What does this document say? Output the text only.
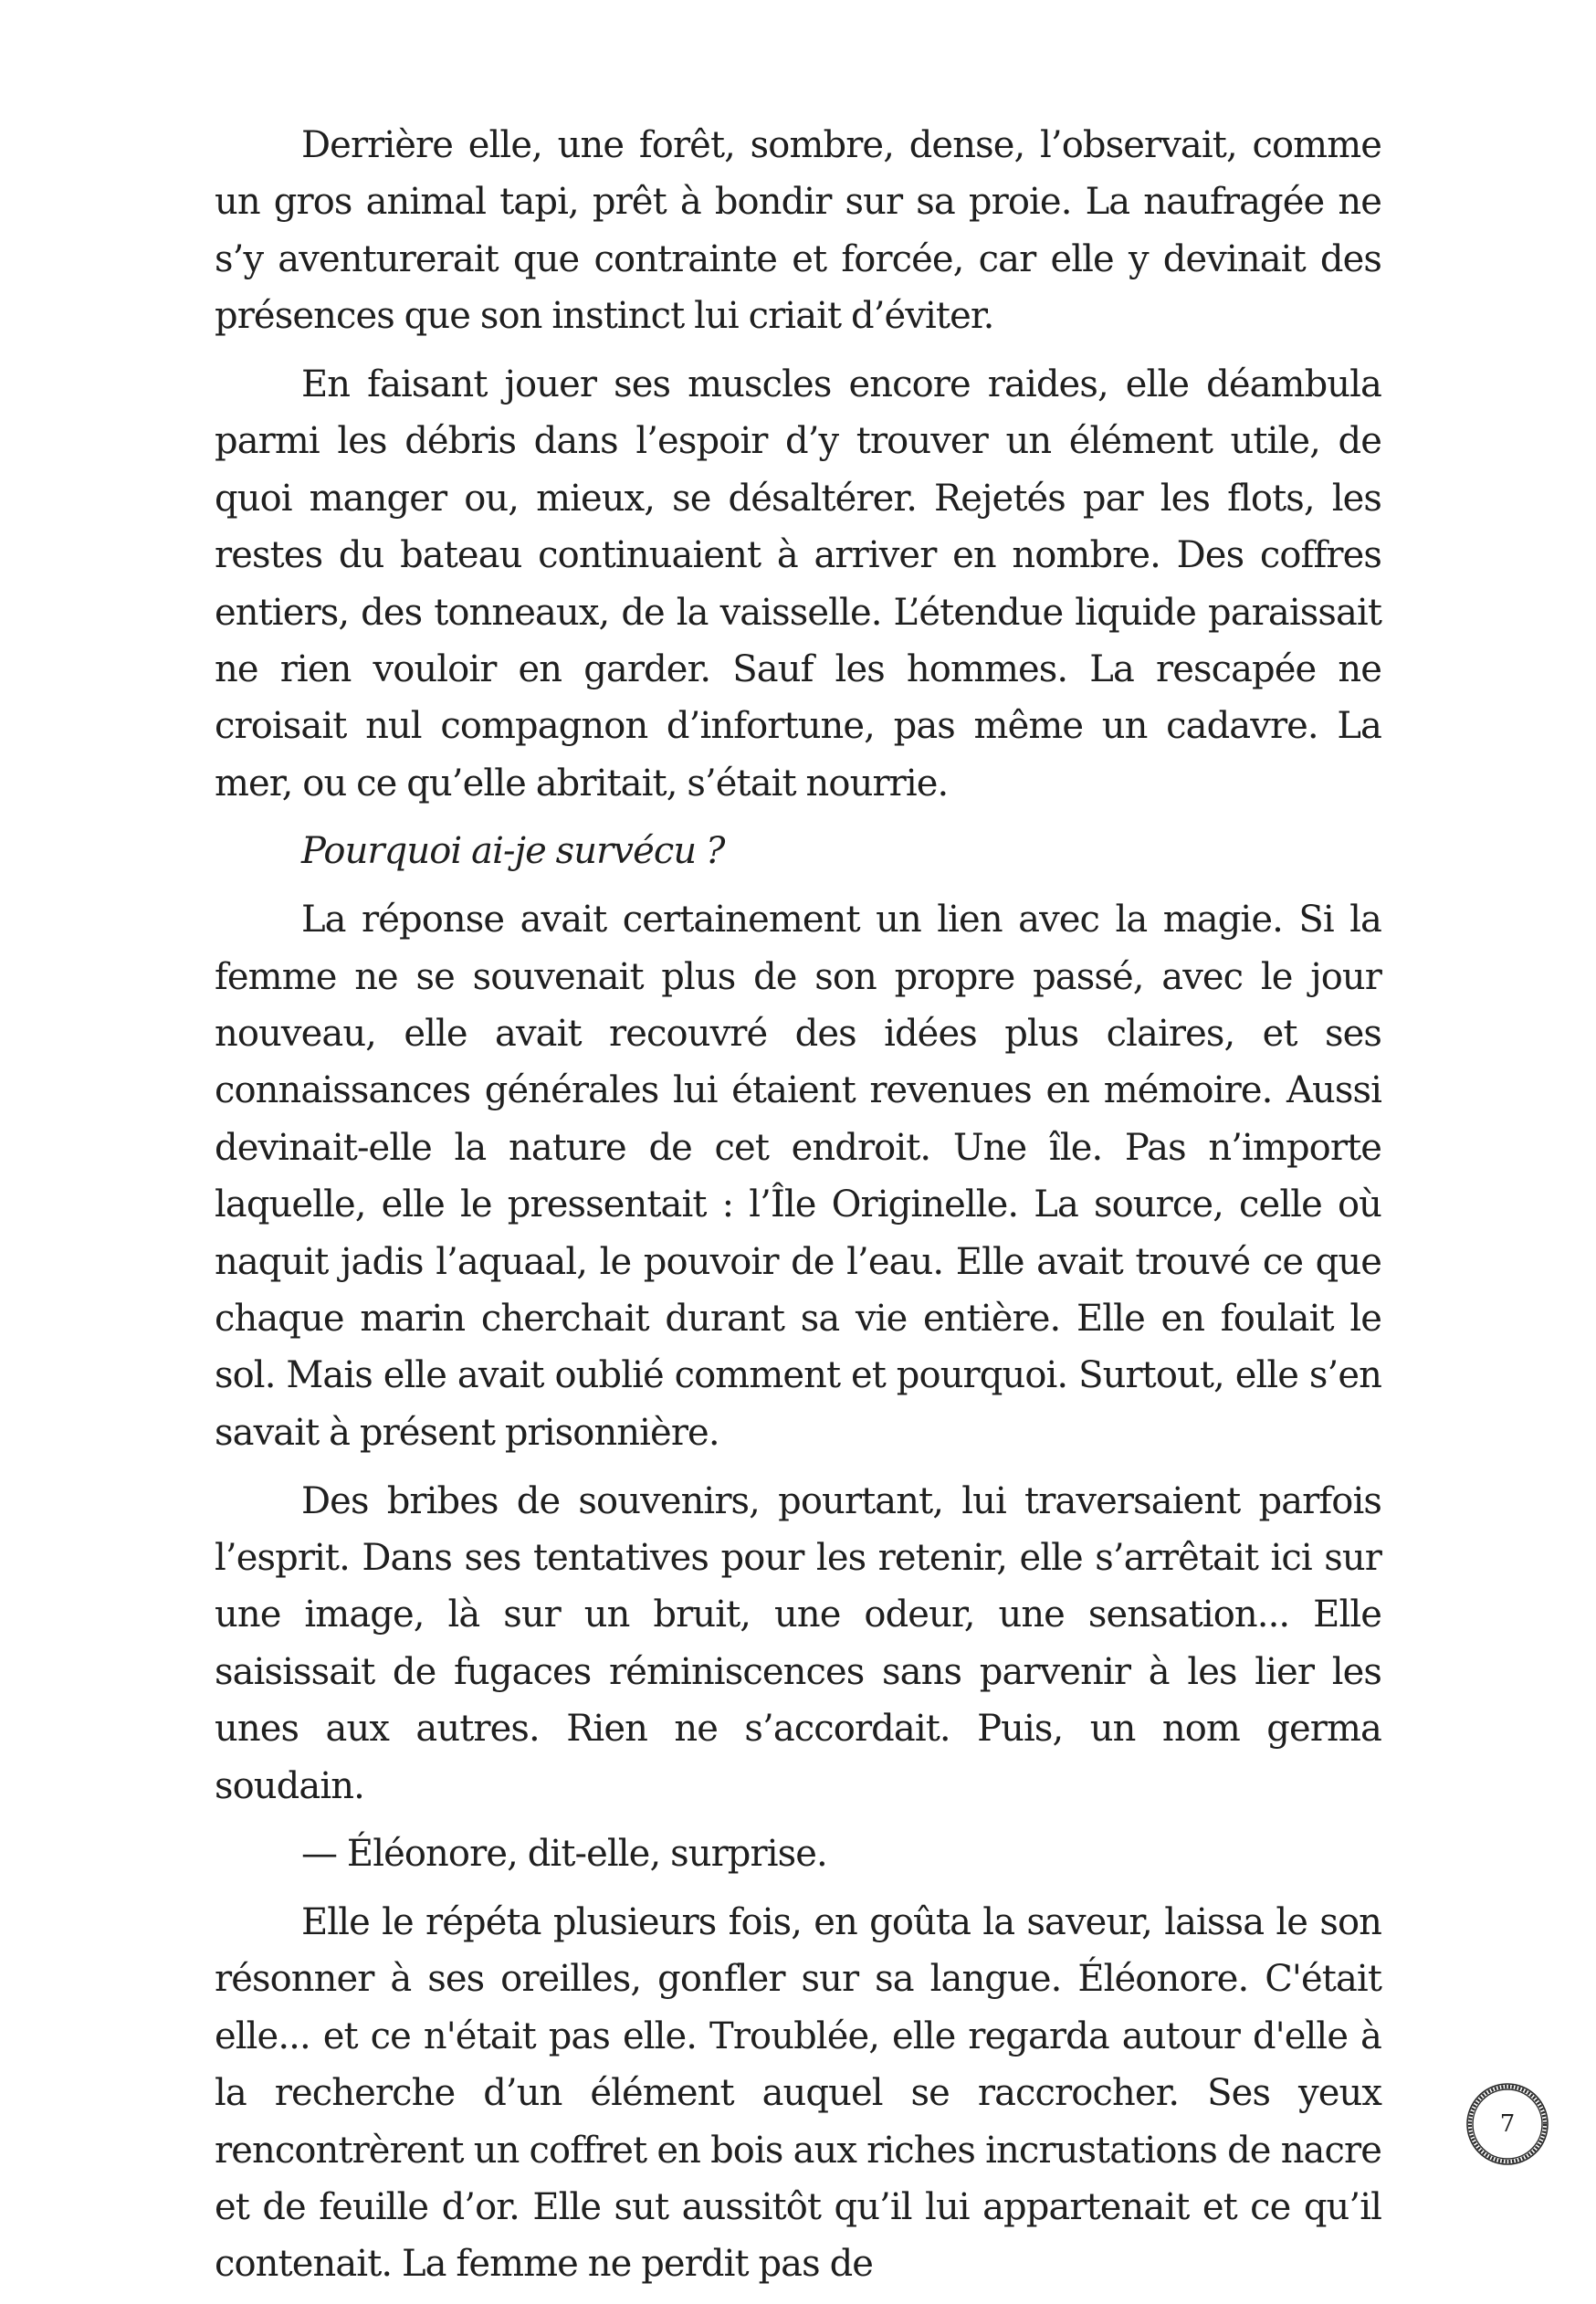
Derrière elle, une forêt, sombre, dense, l’observait, comme un gros animal tapi, prêt à bondir sur sa proie. La naufragée ne s’y aventurerait que contrainte et forcée, car elle y devinait des présences que son instinct lui criait d’éviter.

En faisant jouer ses muscles encore raides, elle déambula parmi les débris dans l’espoir d’y trouver un élément utile, de quoi manger ou, mieux, se désaltérer. Rejetés par les flots, les restes du bateau continuaient à arriver en nombre. Des coffres entiers, des tonneaux, de la vaisselle. L’étendue liquide paraissait ne rien vouloir en garder. Sauf les hommes. La rescapée ne croisait nul compagnon d’infortune, pas même un cadavre. La mer, ou ce qu’elle abritait, s’était nourrie.

Pourquoi ai-je survécu ?

La réponse avait certainement un lien avec la magie. Si la femme ne se souvenait plus de son propre passé, avec le jour nouveau, elle avait recouvré des idées plus claires, et ses connaissances générales lui étaient revenues en mémoire. Aussi devinait-elle la nature de cet endroit. Une île. Pas n’importe laquelle, elle le pressentait : l’Île Originelle. La source, celle où naquit jadis l’aquaal, le pouvoir de l’eau. Elle avait trouvé ce que chaque marin cherchait durant sa vie entière. Elle en foulait le sol. Mais elle avait oublié comment et pourquoi. Surtout, elle s’en savait à présent prisonnière.

Des bribes de souvenirs, pourtant, lui traversaient parfois l’esprit. Dans ses tentatives pour les retenir, elle s’arrêtait ici sur une image, là sur un bruit, une odeur, une sensation... Elle saisissait de fugaces réminiscences sans parvenir à les lier les unes aux autres. Rien ne s’accordait. Puis, un nom germa soudain.

— Éléonore, dit-elle, surprise.

Elle le répéta plusieurs fois, en goûta la saveur, laissa le son résonner à ses oreilles, gonfler sur sa langue. Éléonore. C'était elle... et ce n'était pas elle. Troublée, elle regarda autour d'elle à la recherche d’un élément auquel se raccrocher. Ses yeux rencontrèrent un coffret en bois aux riches incrustations de nacre et de feuille d’or. Elle sut aussitôt qu’il lui appartenait et ce qu’il contenait. La femme ne perdit pas de

7
